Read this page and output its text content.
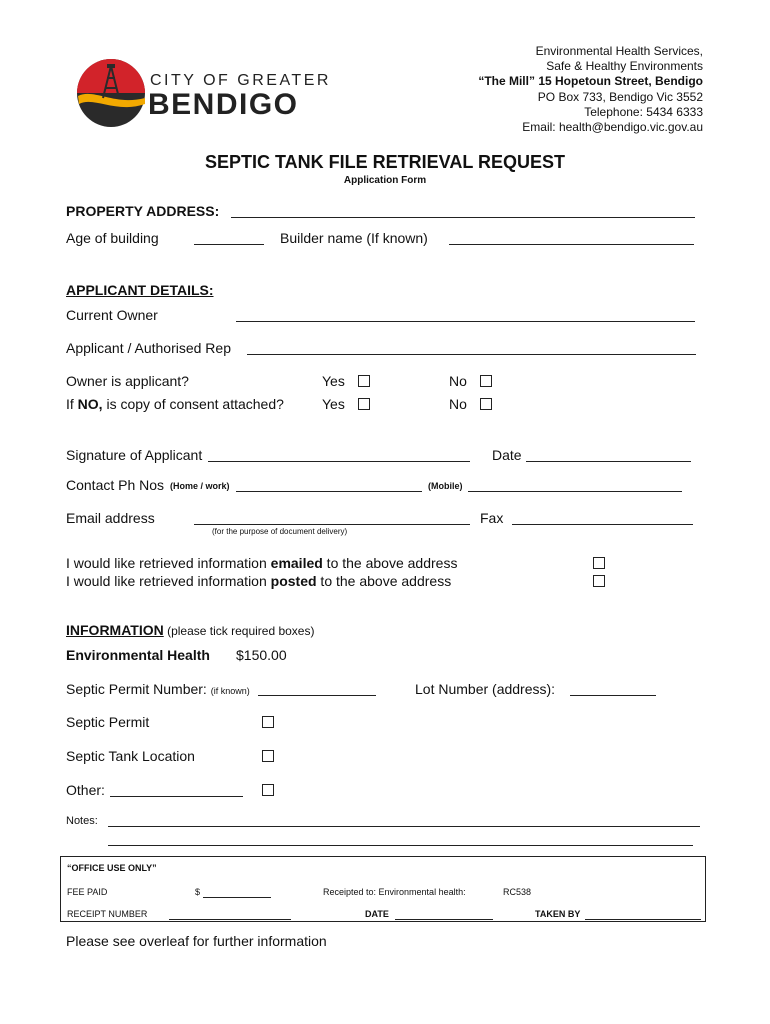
CITY OF GREATER
BENDIGO
Environmental Health Services,
Safe & Healthy Environments
“The Mill” 15 Hopetoun Street, Bendigo
PO Box 733, Bendigo Vic 3552
Telephone: 5434 6333
Email: health@bendigo.vic.gov.au
SEPTIC TANK FILE RETRIEVAL REQUEST
Application Form
PROPERTY ADDRESS:
Age of building	Builder name (If known)
APPLICANT DETAILS:
Current Owner
Applicant / Authorised Rep
Owner is applicant?	Yes	No
If NO, is copy of consent attached?	Yes	No
Signature of Applicant	Date
Contact Ph Nos (Home / work)	(Mobile)
Email address
(for the purpose of document delivery)
Fax
I would like retrieved information emailed to the above address
I would like retrieved information posted to the above address
INFORMATION (please tick required boxes)
Environmental Health $150.00
Septic Permit Number: (if known)	Lot Number (address):
Septic Permit
Septic Tank Location
Other:
Notes:
“OFFICE USE ONLY”
FEE PAID	$	Receipted to: Environmental health:	RC538
RECEIPT NUMBER	DATE	TAKEN BY
Please see overleaf for further information
